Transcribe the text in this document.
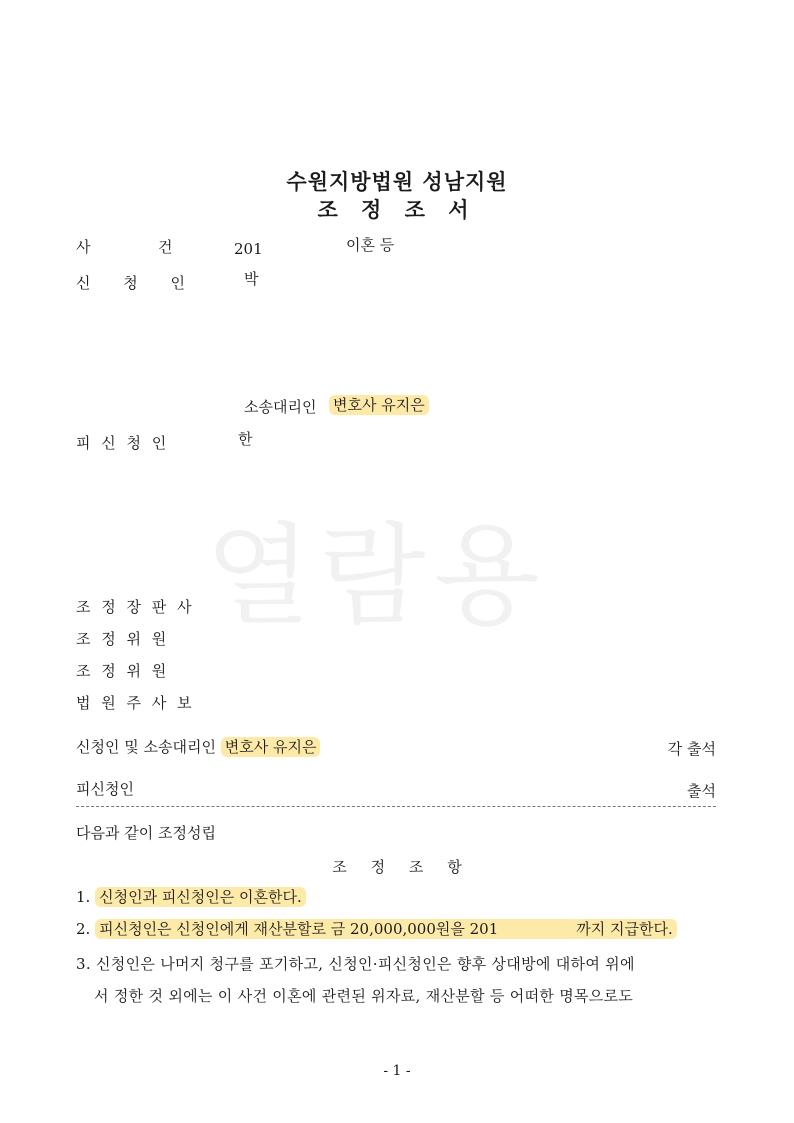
열람용
수원지방법원 성남지원
조 정 조 서
사	건	201	이혼 등
신 청 인	박
소송대리인 변호사 유지은
피 신 청 인	한
조 정 장 판 사
조 정 위 원
조 정 위 원
법 원 주 사 보
신청인 및 소송대리인 변호사 유지은	각 출석
피신청인	출석
다음과 같이 조정성립
조     정     조     항
1. 신청인과 피신청인은 이혼한다.
2. 피신청인은 신청인에게 재산분할로 금 20,000,000원을 201	까지 지급한다.
3. 신청인은 나머지 청구를 포기하고, 신청인·피신청인은 향후 상대방에 대하여 위에
서 정한 것 외에는 이 사건 이혼에 관련된 위자료, 재산분할 등 어떠한 명목으로도
- 1 -
